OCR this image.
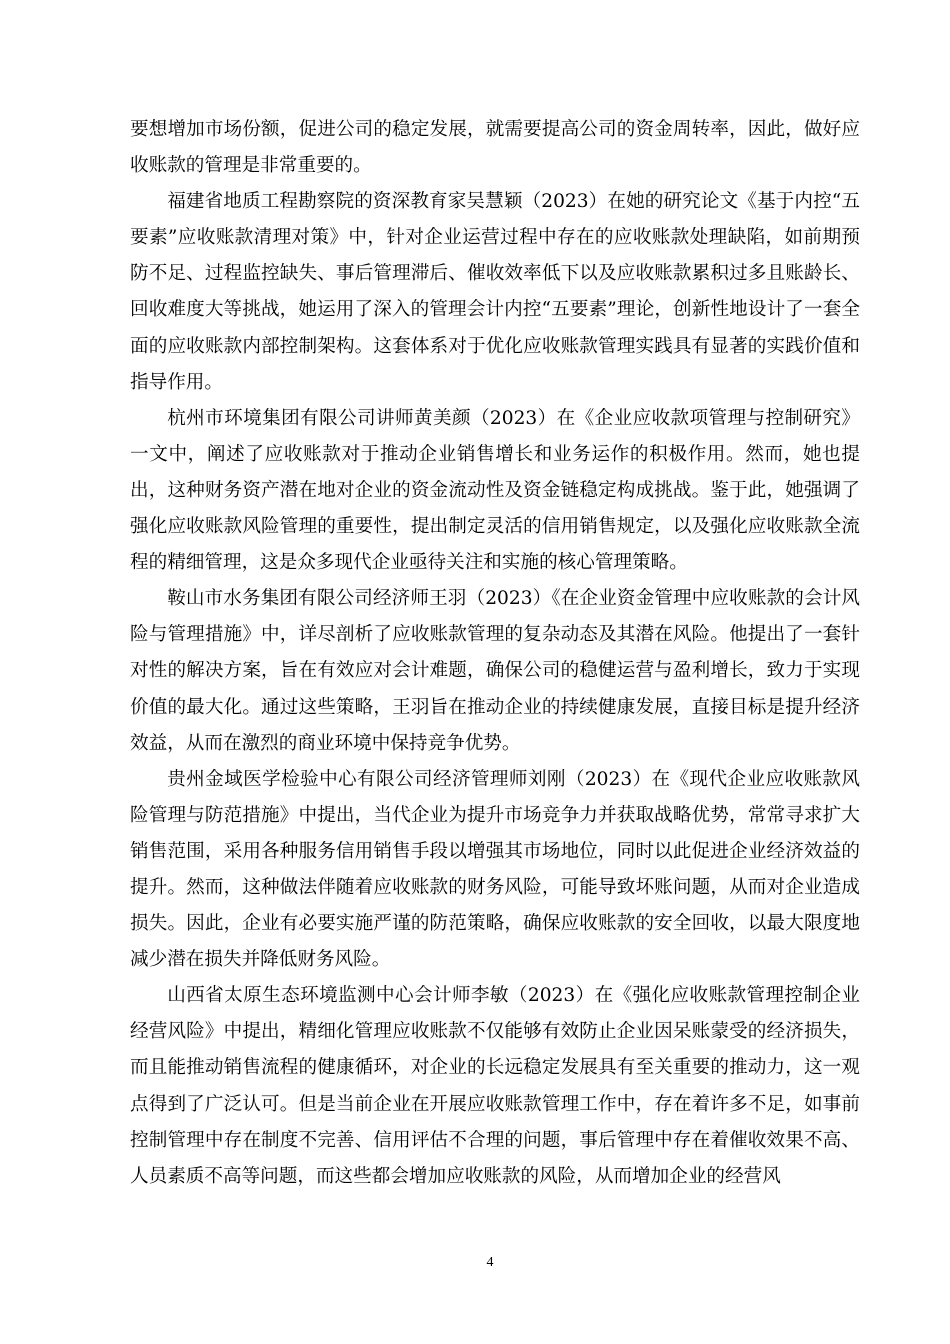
要想增加市场份额，促进公司的稳定发展，就需要提高公司的资金周转率，因此，做好应收账款的管理是非常重要的。

福建省地质工程勘察院的资深教育家吴慧颖（2023）在她的研究论文《基于内控“五要素”应收账款清理对策》中，针对企业运营过程中存在的应收账款处理缺陷，如前期预防不足、过程监控缺失、事后管理滞后、催收效率低下以及应收账款累积过多且账龄长、回收难度大等挑战，她运用了深入的管理会计内控“五要素”理论，创新性地设计了一套全面的应收账款内部控制架构。这套体系对于优化应收账款管理实践具有显著的实践价值和指导作用。

杭州市环境集团有限公司讲师黄美颜（2023）在《企业应收款项管理与控制研究》一文中，阐述了应收账款对于推动企业销售增长和业务运作的积极作用。然而，她也提出，这种财务资产潜在地对企业的资金流动性及资金链稳定构成挑战。鉴于此，她强调了强化应收账款风险管理的重要性，提出制定灵活的信用销售规定，以及强化应收账款全流程的精细管理，这是众多现代企业亟待关注和实施的核心管理策略。

鞍山市水务集团有限公司经济师王羽（2023）《在企业资金管理中应收账款的会计风险与管理措施》中，详尽剖析了应收账款管理的复杂动态及其潜在风险。他提出了一套针对性的解决方案，旨在有效应对会计难题，确保公司的稳健运营与盈利增长，致力于实现价值的最大化。通过这些策略，王羽旨在推动企业的持续健康发展，直接目标是提升经济效益，从而在激烈的商业环境中保持竞争优势。

贵州金域医学检验中心有限公司经济管理师刘刚（2023）在《现代企业应收账款风险管理与防范措施》中提出，当代企业为提升市场竞争力并获取战略优势，常常寻求扩大销售范围，采用各种服务信用销售手段以增强其市场地位，同时以此促进企业经济效益的提升。然而，这种做法伴随着应收账款的财务风险，可能导致坏账问题，从而对企业造成损失。因此，企业有必要实施严谨的防范策略，确保应收账款的安全回收，以最大限度地减少潜在损失并降低财务风险。

山西省太原生态环境监测中心会计师李敏（2023）在《强化应收账款管理控制企业经营风险》中提出，精细化管理应收账款不仅能够有效防止企业因呆账蒙受的经济损失，而且能推动销售流程的健康循环，对企业的长远稳定发展具有至关重要的推动力，这一观点得到了广泛认可。但是当前企业在开展应收账款管理工作中，存在着许多不足，如事前控制管理中存在制度不完善、信用评估不合理的问题，事后管理中存在着催收效果不高、人员素质不高等问题，而这些都会增加应收账款的风险，从而增加企业的经营风

4
